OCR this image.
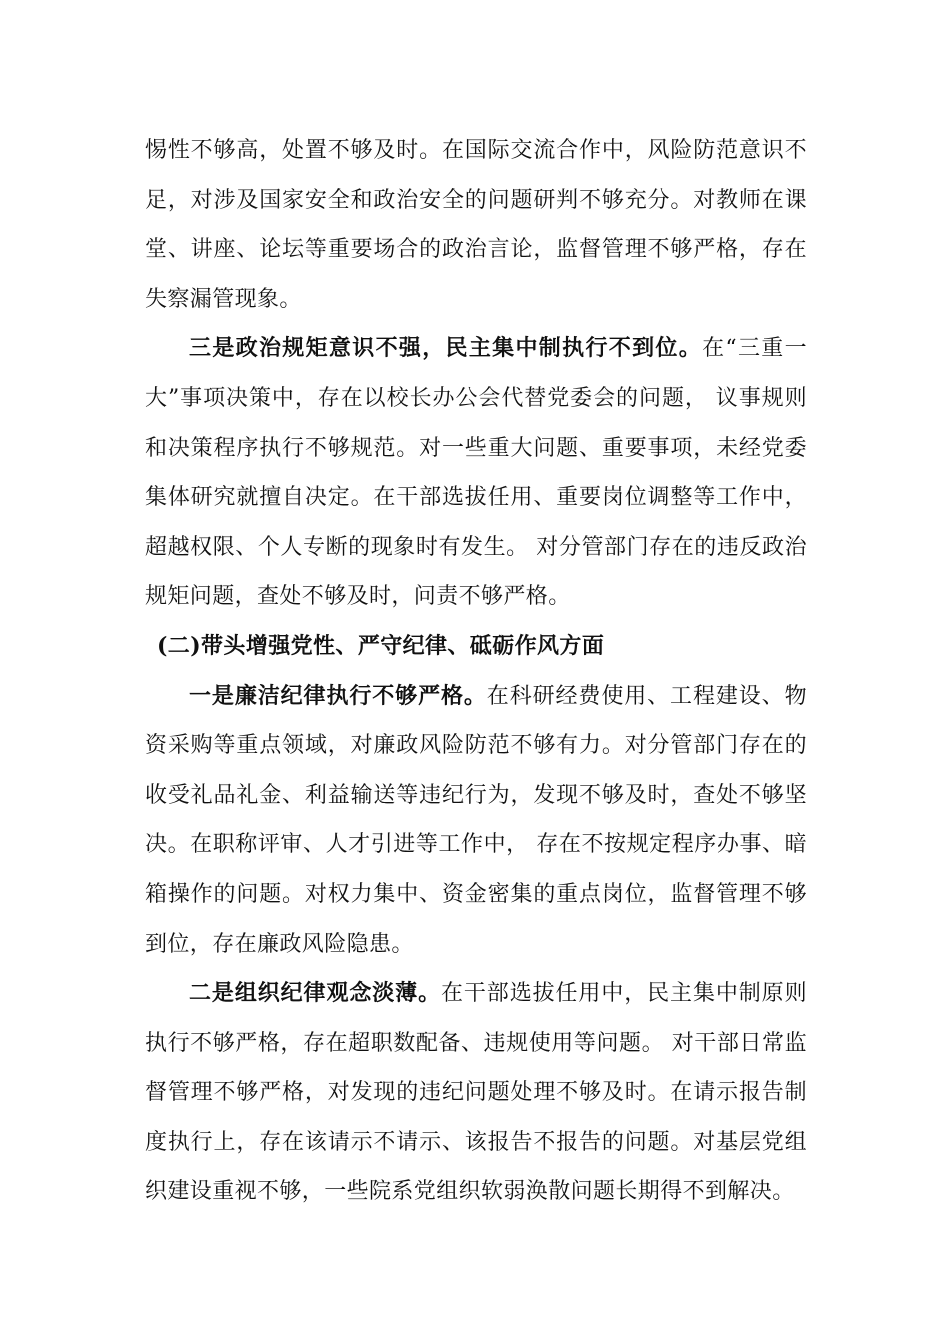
惕性不够高，处置不够及时。在国际交流合作中，风险防范意识不
足，对涉及国家安全和政治安全的问题研判不够充分。对教师在课
堂、讲座、论坛等重要场合的政治言论，监督管理不够严格，存在
失察漏管现象。
三是政治规矩意识不强，民主集中制执行不到位。在“三重一
大”事项决策中，存在以校长办公会代替党委会的问题， 议事规则
和决策程序执行不够规范。对一些重大问题、重要事项，未经党委
集体研究就擅自决定。在干部选拔任用、重要岗位调整等工作中，
超越权限、个人专断的现象时有发生。 对分管部门存在的违反政治
规矩问题，查处不够及时，问责不够严格。
(二)带头增强党性、严守纪律、砥砺作风方面
一是廉洁纪律执行不够严格。在科研经费使用、工程建设、物
资采购等重点领域，对廉政风险防范不够有力。对分管部门存在的
收受礼品礼金、利益输送等违纪行为，发现不够及时，查处不够坚
决。在职称评审、人才引进等工作中， 存在不按规定程序办事、暗
箱操作的问题。对权力集中、资金密集的重点岗位，监督管理不够
到位，存在廉政风险隐患。
二是组织纪律观念淡薄。在干部选拔任用中，民主集中制原则
执行不够严格，存在超职数配备、违规使用等问题。 对干部日常监
督管理不够严格，对发现的违纪问题处理不够及时。在请示报告制
度执行上，存在该请示不请示、该报告不报告的问题。对基层党组
织建设重视不够，一些院系党组织软弱涣散问题长期得不到解决。
